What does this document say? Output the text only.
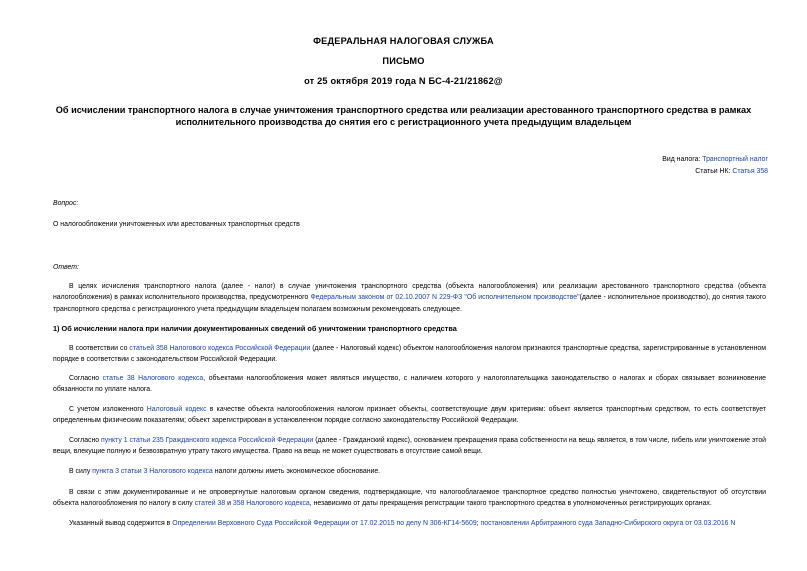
ФЕДЕРАЛЬНАЯ НАЛОГОВАЯ СЛУЖБА
ПИСЬМО
от 25 октября 2019 года N БС-4-21/21862@
Об исчислении транспортного налога в случае уничтожения транспортного средства или реализации арестованного транспортного средства в рамках
исполнительного производства до снятия его с регистрационного учета предыдущим владельцем
Вид налога: Транспортный налог
Статьи НК: Статья 358
Вопрос:
О налогообложении уничтоженных или арестованных транспортных средств
Ответ:
В целях исчисления транспортного налога (далее - налог) в случае уничтожения транспортного средства (объекта налогообложения) или реализации арестованного транспортного средства (объекта налогообложения) в рамках исполнительного производства, предусмотренного Федеральным законом от 02.10.2007 N 229-ФЗ "Об исполнительном производстве"(далее - исполнительное производство), до снятия такого транспортного средства с регистрационного учета предыдущим владельцем полагаем возможным рекомендовать следующее.
1) Об исчислении налога при наличии документированных сведений об уничтожении транспортного средства
В соответствии со статьей 358 Налогового кодекса Российской Федерации (далее - Налоговый кодекс) объектом налогообложения налогом признаются транспортные средства, зарегистрированные в установленном порядке в соответствии с законодательством Российской Федерации.
Согласно статье 38 Налогового кодекса, объектами налогообложения может являться имущество, с наличием которого у налогоплательщика законодательство о налогах и сборах связывает возникновение обязанности по уплате налога.
С учетом изложенного Налоговый кодекс в качестве объекта налогообложения налогом признает объекты, соответствующие двум критериям: объект является транспортным средством, то есть соответствует определенным физическим показателям; объект зарегистрирован в установленном порядке согласно законодательству Российской Федерации.
Согласно пункту 1 статьи 235 Гражданского кодекса Российской Федерации (далее - Гражданский кодекс), основанием прекращения права собственности на вещь является, в том числе, гибель или уничтожение этой вещи, влекущие полную и безвозвратную утрату такого имущества. Право на вещь не может существовать в отсутствие самой вещи.
В силу пункта 3 статьи 3 Налогового кодекса налоги должны иметь экономическое обоснование.
В связи с этим документированные и не опровергнутые налоговым органом сведения, подтверждающие, что налогооблагаемое транспортное средство полностью уничтожено, свидетельствуют об отсутствии объекта налогообложения по налогу в силу статей 38 и 358 Налогового кодекса, независимо от даты прекращения регистрации такого транспортного средства в уполномоченных регистрирующих органах.
Указанный вывод содержится в Определении Верховного Суда Российской Федерации от 17.02.2015 по делу N 306-КГ14-5609; постановлении Арбитражного суда Западно-Сибирского округа от 03.03.2016 N
